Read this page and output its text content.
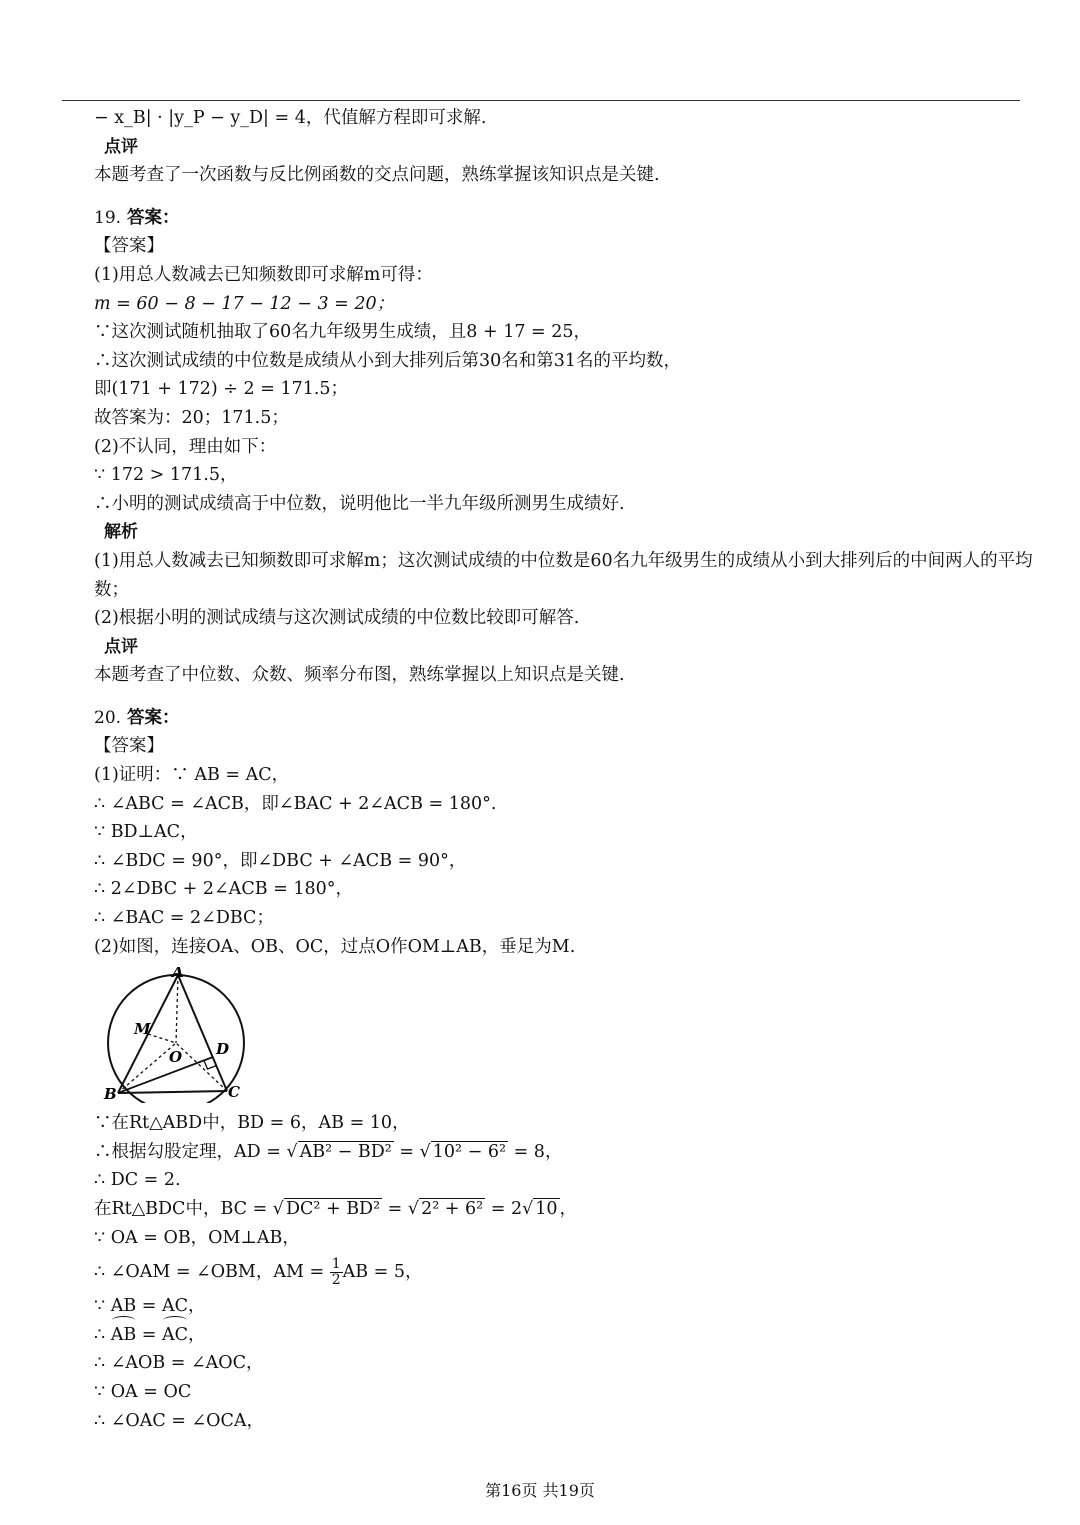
− x_B| · |y_P − y_D| = 4，代值解方程即可求解.
点评
本题考查了一次函数与反比例函数的交点问题，熟练掌握该知识点是关键.
19. 答案：
【答案】
(1)用总人数减去已知频数即可求解m可得：
m = 60 − 8 − 17 − 12 − 3 = 20；
∵这次测试随机抽取了60名九年级男生成绩，且8 + 17 = 25，
∴这次测试成绩的中位数是成绩从小到大排列后第30名和第31名的平均数，
即(171 + 172) ÷ 2 = 171.5；
故答案为：20；171.5；
(2)不认同，理由如下：
∵ 172 > 171.5，
∴小明的测试成绩高于中位数，说明他比一半九年级所测男生成绩好.
解析
(1)用总人数减去已知频数即可求解m；这次测试成绩的中位数是60名九年级男生的成绩从小到大排列后的中间两人的平均数；
(2)根据小明的测试成绩与这次测试成绩的中位数比较即可解答.
点评
本题考查了中位数、众数、频率分布图，熟练掌握以上知识点是关键.
20. 答案：
【答案】
(1)证明：∵ AB = AC，
∴ ∠ABC = ∠ACB，即∠BAC + 2∠ACB = 180°.
∵ BD⊥AC，
∴ ∠BDC = 90°，即∠DBC + ∠ACB = 90°，
∴ 2∠DBC + 2∠ACB = 180°，
∴ ∠BAC = 2∠DBC；
(2)如图，连接OA、OB、OC，过点O作OM⊥AB，垂足为M.
A
M
O D
B	C
∵在Rt△ABD中，BD = 6，AB = 10，
∴根据勾股定理，AD = √ AB² − BD² = √ 10² − 6² = 8，
∴ DC = 2.
在Rt△BDC中，BC = √ DC² + BD² = √ 2² + 6² = 2√ 10 ，
∵ OA = OB，OM⊥AB，
∴ ∠OAM = ∠OBM，AM = $\frac{1}{2}$ AB = 5，
∵ AB = AC，
∴ AB = AC，
∴ ∠AOB = ∠AOC，
∵ OA = OC
∴ ∠OAC = ∠OCA，
第16页 共19页
